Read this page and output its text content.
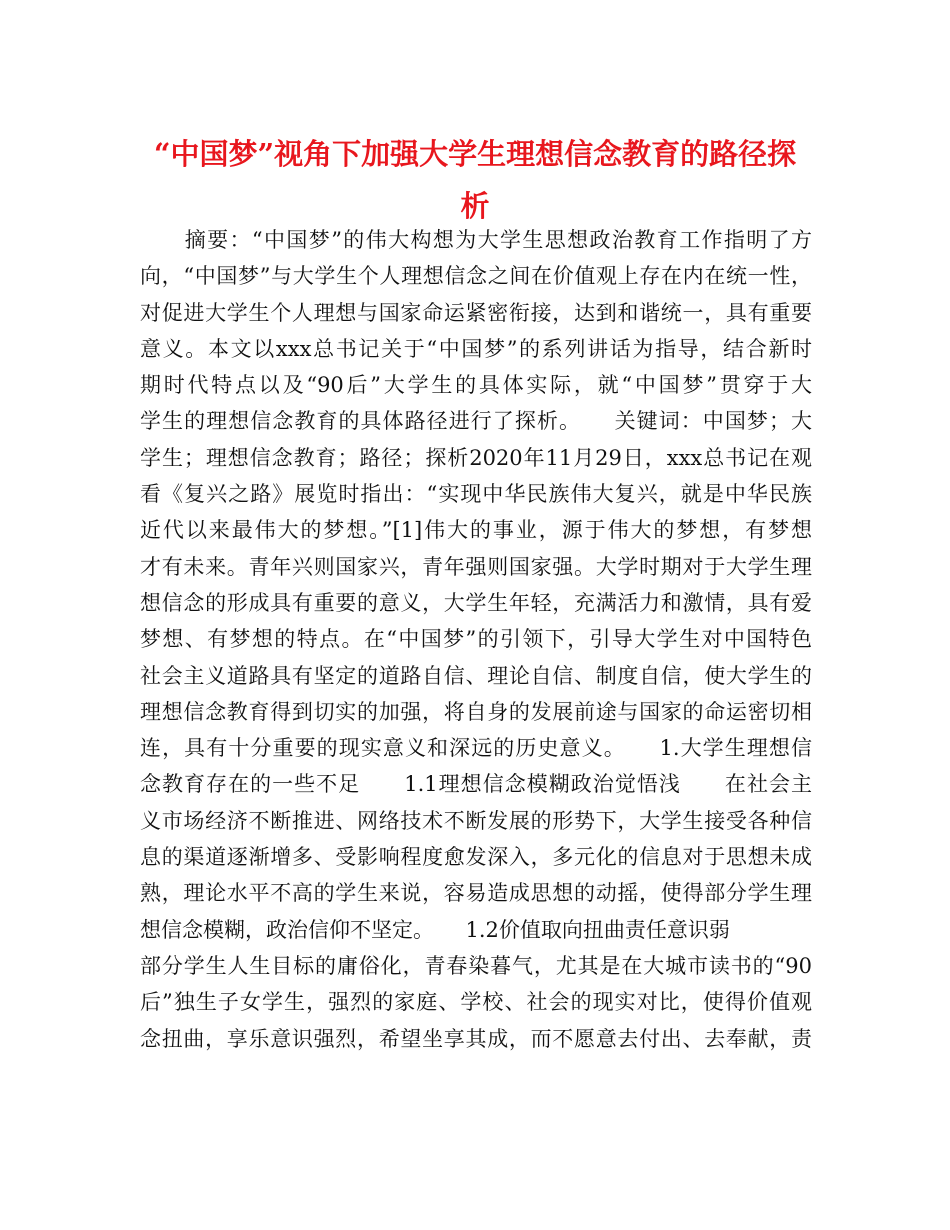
“中国梦”视角下加强大学生理想信念教育的路径探
析
　　摘要：“中国梦”的伟大构想为大学生思想政治教育工作指明了方
向，“中国梦”与大学生个人理想信念之间在价值观上存在内在统一性，
对促进大学生个人理想与国家命运紧密衔接，达到和谐统一，具有重要
意义。本文以xxx总书记关于“中国梦”的系列讲话为指导，结合新时
期时代特点以及“90后”大学生的具体实际，就“中国梦”贯穿于大
学生的理想信念教育的具体路径进行了探析。　　关键词：中国梦；大
学生；理想信念教育；路径；探析2020年11月29日，xxx总书记在观
看《复兴之路》展览时指出：“实现中华民族伟大复兴，就是中华民族
近代以来最伟大的梦想。”[1]伟大的事业，源于伟大的梦想，有梦想
才有未来。青年兴则国家兴，青年强则国家强。大学时期对于大学生理
想信念的形成具有重要的意义，大学生年轻，充满活力和激情，具有爱
梦想、有梦想的特点。在“中国梦”的引领下，引导大学生对中国特色
社会主义道路具有坚定的道路自信、理论自信、制度自信，使大学生的
理想信念教育得到切实的加强，将自身的发展前途与国家的命运密切相
连，具有十分重要的现实意义和深远的历史意义。　　1.大学生理想信
念教育存在的一些不足　　1.1理想信念模糊政治觉悟浅　　在社会主
义市场经济不断推进、网络技术不断发展的形势下，大学生接受各种信
息的渠道逐渐增多、受影响程度愈发深入，多元化的信息对于思想未成
熟，理论水平不高的学生来说，容易造成思想的动摇，使得部分学生理
想信念模糊，政治信仰不坚定。　　1.2价值取向扭曲责任意识弱
部分学生人生目标的庸俗化，青春染暮气，尤其是在大城市读书的“90
后”独生子女学生，强烈的家庭、学校、社会的现实对比，使得价值观
念扭曲，享乐意识强烈，希望坐享其成，而不愿意去付出、去奉献，责
